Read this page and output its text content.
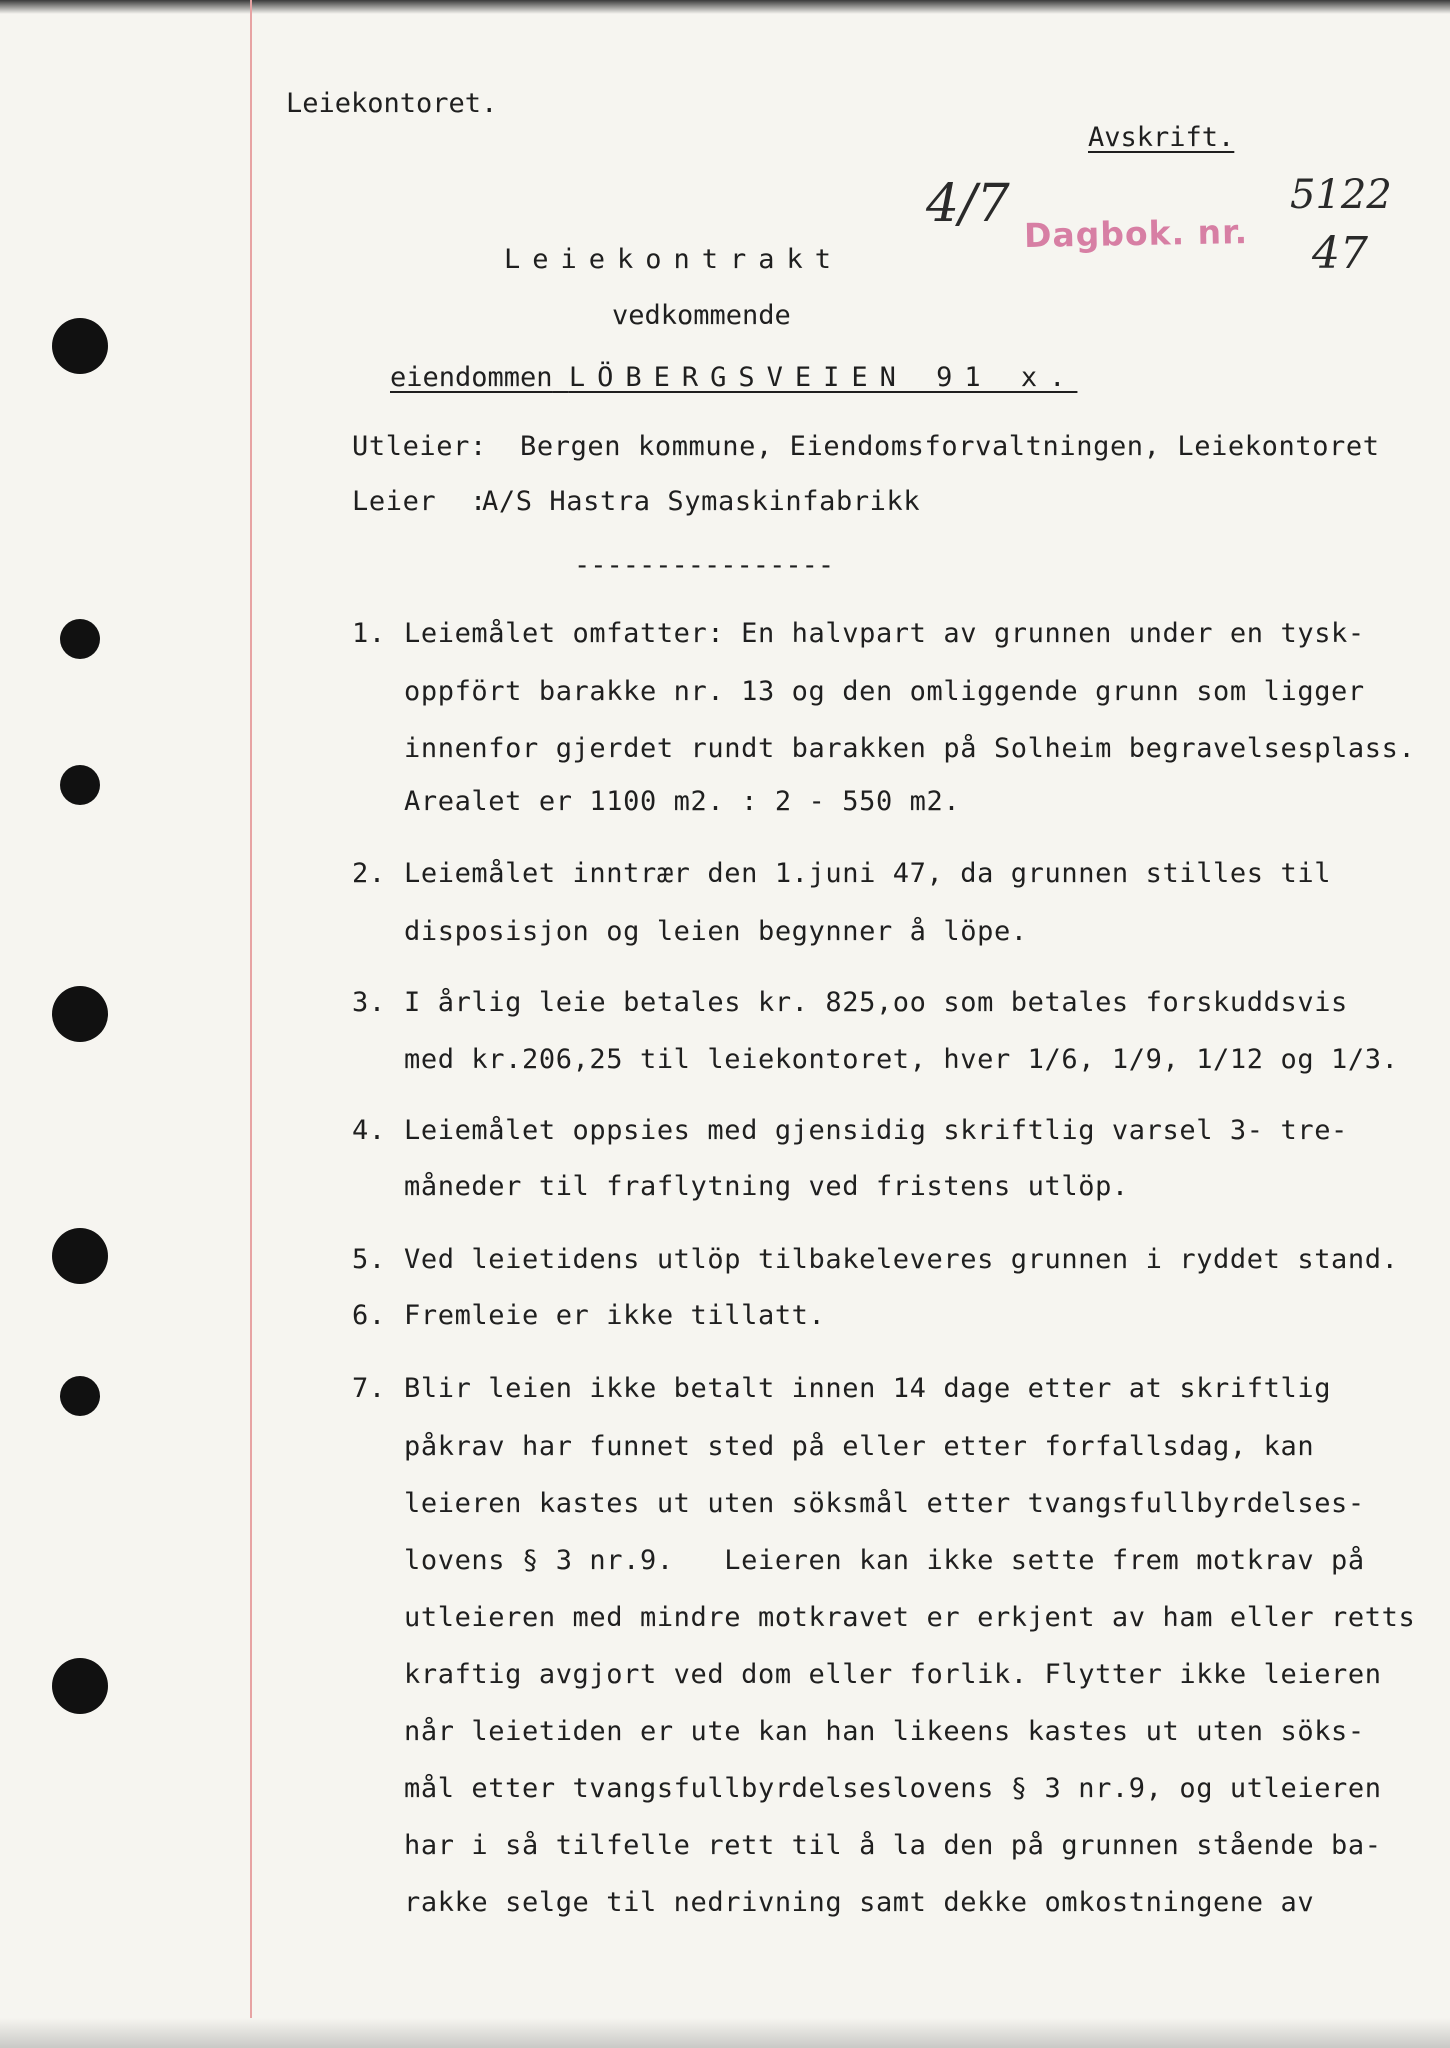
Leiekontoret.
Avskrift.
4/7 Dagbok. nr.
5122
47
Leiekontrakt
vedkommende
eiendommen LÖBERGSVEIEN 91 x.
Utleier: Bergen kommune, Eiendomsforvaltningen, Leiekontoret
Leier  :
A/S Hastra Symaskinfabrikk
----------------
1. Leiemålet omfatter: En halvpart av grunnen under en tysk-
oppfört barakke nr. 13 og den omliggende grunn som ligger
innenfor gjerdet rundt barakken på Solheim begravelsesplass.
Arealet er 1100 m2. : 2 - 550 m2.
2. Leiemålet inntrær den 1.juni 47, da grunnen stilles til
disposisjon og leien begynner å löpe.
3. I årlig leie betales kr. 825,oo som betales forskuddsvis
med kr.206,25 til leiekontoret, hver 1/6, 1/9, 1/12 og 1/3.
4. Leiemålet oppsies med gjensidig skriftlig varsel 3- tre-
måneder til fraflytning ved fristens utlöp.
5. Ved leietidens utlöp tilbakeleveres grunnen i ryddet stand.
6. Fremleie er ikke tillatt.
7. Blir leien ikke betalt innen 14 dage etter at skriftlig
påkrav har funnet sted på eller etter forfallsdag, kan
leieren kastes ut uten söksmål etter tvangsfullbyrdelses-
lovens § 3 nr.9.   Leieren kan ikke sette frem motkrav på
utleieren med mindre motkravet er erkjent av ham eller retts
kraftig avgjort ved dom eller forlik. Flytter ikke leieren
når leietiden er ute kan han likeens kastes ut uten söks-
mål etter tvangsfullbyrdelseslovens § 3 nr.9, og utleieren
har i så tilfelle rett til å la den på grunnen stående ba-
rakke selge til nedrivning samt dekke omkostningene av
